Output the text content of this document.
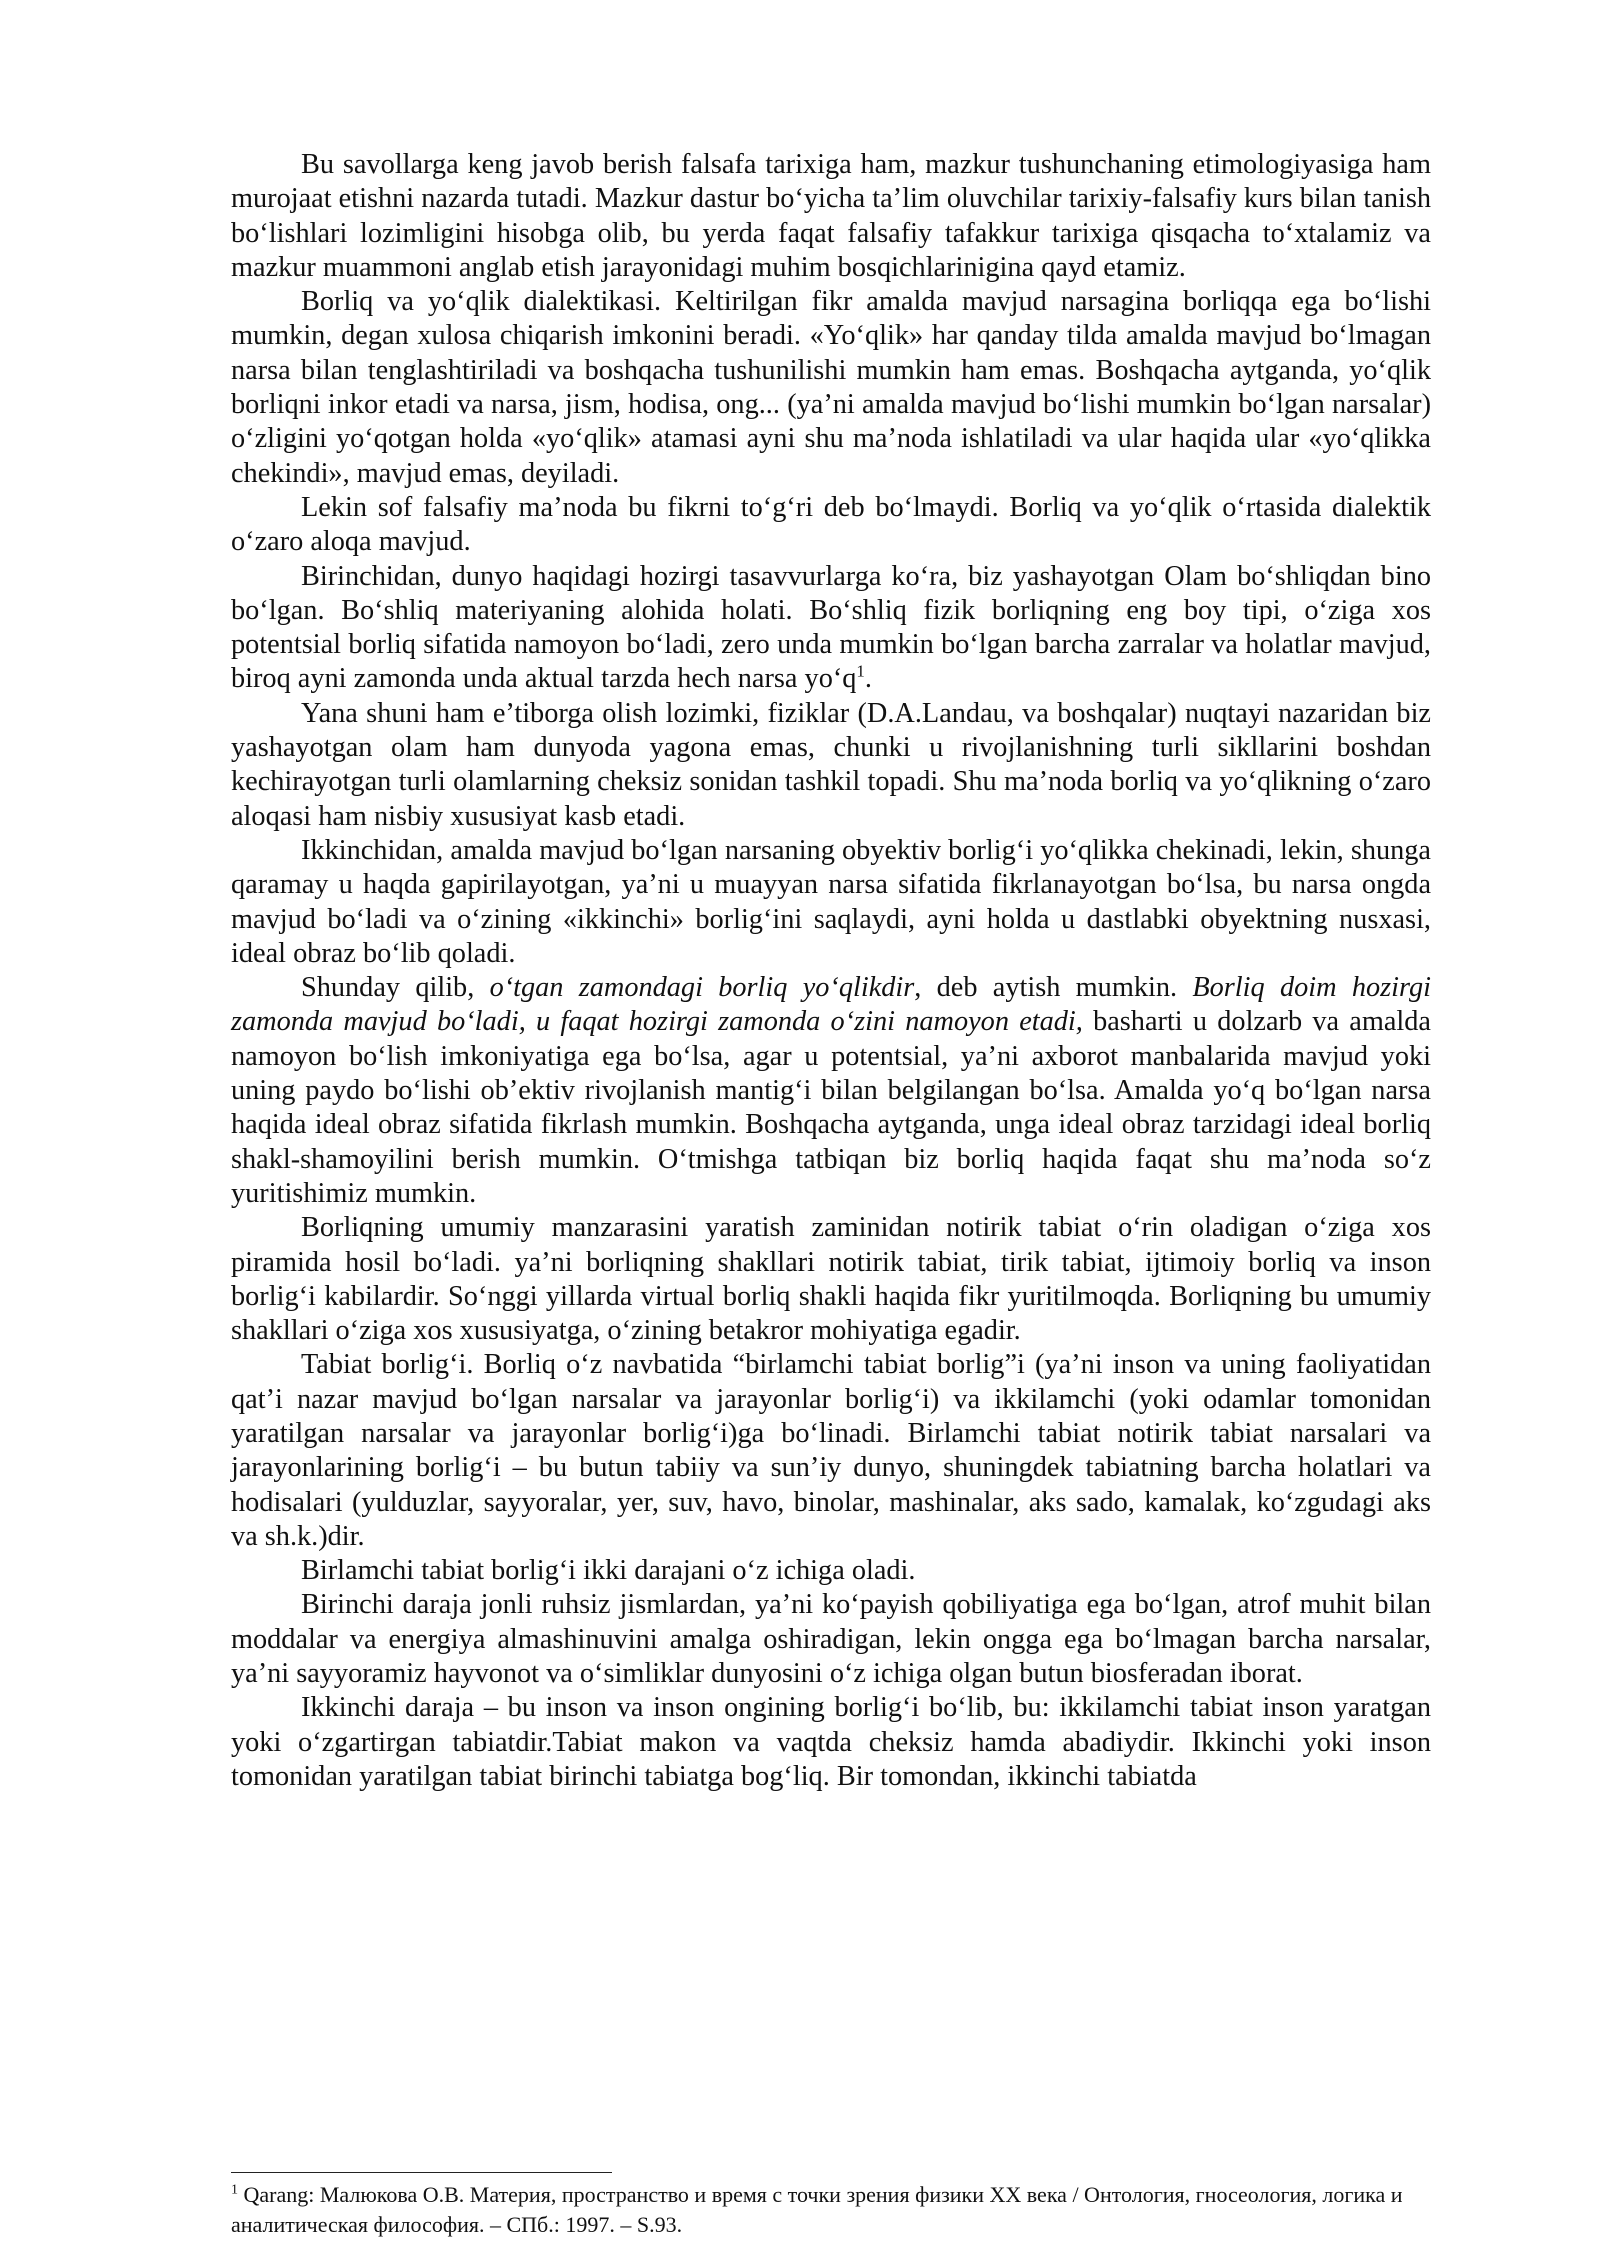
Bu savollarga keng javob berish falsafa tarixiga ham, mazkur tushunchaning etimologiyasiga ham murojaat etishni nazarda tutadi. Mazkur dastur bo‘yicha ta’lim oluvchilar tarixiy-falsafiy kurs bilan tanish bo‘lishlari lozimligini hisobga olib, bu yerda faqat falsafiy tafakkur tarixiga qisqacha to‘xtalamiz va mazkur muammoni anglab etish jarayonidagi muhim bosqichlarinigina qayd etamiz.

Borliq va yo‘qlik dialektikasi. Keltirilgan fikr amalda mavjud narsagina borliqqa ega bo‘lishi mumkin, degan xulosa chiqarish imkonini beradi. «Yo‘qlik» har qanday tilda amalda mavjud bo‘lmagan narsa bilan tenglashtiriladi va boshqacha tushunilishi mumkin ham emas. Boshqacha aytganda, yo‘qlik borliqni inkor etadi va narsa, jism, hodisa, ong... (ya’ni amalda mavjud bo‘lishi mumkin bo‘lgan narsalar) o‘zligini yo‘qotgan holda «yo‘qlik» atamasi ayni shu ma’noda ishlatiladi va ular haqida ular «yo‘qlikka chekindi», mavjud emas, deyiladi.

Lekin sof falsafiy ma’noda bu fikrni to‘g‘ri deb bo‘lmaydi. Borliq va yo‘qlik o‘rtasida dialektik o‘zaro aloqa mavjud.

Birinchidan, dunyo haqidagi hozirgi tasavvurlarga ko‘ra, biz yashayotgan Olam bo‘shliqdan bino bo‘lgan. Bo‘shliq materiyaning alohida holati. Bo‘shliq fizik borliqning eng boy tipi, o‘ziga xos potentsial borliq sifatida namoyon bo‘ladi, zero unda mumkin bo‘lgan barcha zarralar va holatlar mavjud, biroq ayni zamonda unda aktual tarzda hech narsa yo‘q$^1$.

Yana shuni ham e’tiborga olish lozimki, fiziklar (D.A.Landau, va boshqalar) nuqtayi nazaridan biz yashayotgan olam ham dunyoda yagona emas, chunki u rivojlanishning turli sikllarini boshdan kechirayotgan turli olamlarning cheksiz sonidan tashkil topadi. Shu ma’noda borliq va yo‘qlikning o‘zaro aloqasi ham nisbiy xususiyat kasb etadi.

Ikkinchidan, amalda mavjud bo‘lgan narsaning obyektiv borlig‘i yo‘qlikka chekinadi, lekin, shunga qaramay u haqda gapirilayotgan, ya’ni u muayyan narsa sifatida fikrlanayotgan bo‘lsa, bu narsa ongda mavjud bo‘ladi va o‘zining «ikkinchi» borlig‘ini saqlaydi, ayni holda u dastlabki obyektning nusxasi, ideal obraz bo‘lib qoladi.

Shunday qilib, o‘tgan zamondagi borliq yo‘qlikdir, deb aytish mumkin. Borliq doim hozirgi zamonda mavjud bo‘ladi, u faqat hozirgi zamonda o‘zini namoyon etadi, basharti u dolzarb va amalda namoyon bo‘lish imkoniyatiga ega bo‘lsa, agar u potentsial, ya’ni axborot manbalarida mavjud yoki uning paydo bo‘lishi ob’ektiv rivojlanish mantig‘i bilan belgilangan bo‘lsa. Amalda yo‘q bo‘lgan narsa haqida ideal obraz sifatida fikrlash mumkin. Boshqacha aytganda, unga ideal obraz tarzidagi ideal borliq shakl-shamoyilini berish mumkin. O‘tmishga tatbiqan biz borliq haqida faqat shu ma’noda so‘z yuritishimiz mumkin.

Borliqning umumiy manzarasini yaratish zaminidan notirik tabiat o‘rin oladigan o‘ziga xos piramida hosil bo‘ladi. ya’ni borliqning shakllari notirik tabiat, tirik tabiat, ijtimoiy borliq va inson borlig‘i kabilardir. So‘nggi yillarda virtual borliq shakli haqida fikr yuritilmoqda. Borliqning bu umumiy shakllari o‘ziga xos xususiyatga, o‘zining betakror mohiyatiga egadir.

Tabiat borlig‘i. Borliq o‘z navbatida “birlamchi tabiat borlig”i (ya’ni inson va uning faoliyatidan qat’i nazar mavjud bo‘lgan narsalar va jarayonlar borlig‘i) va ikkilamchi (yoki odamlar tomonidan yaratilgan narsalar va jarayonlar borlig‘i)ga bo‘linadi. Birlamchi tabiat notirik tabiat narsalari va jarayonlarining borlig‘i – bu butun tabiiy va sun’iy dunyo, shuningdek tabiatning barcha holatlari va hodisalari (yulduzlar, sayyoralar, yer, suv, havo, binolar, mashinalar, aks sado, kamalak, ko‘zgudagi aks va sh.k.)dir.

Birlamchi tabiat borlig‘i ikki darajani o‘z ichiga oladi.

Birinchi daraja jonli ruhsiz jismlardan, ya’ni ko‘payish qobiliyatiga ega bo‘lgan, atrof muhit bilan moddalar va energiya almashinuvini amalga oshiradigan, lekin ongga ega bo‘lmagan barcha narsalar, ya’ni sayyoramiz hayvonot va o‘simliklar dunyosini o‘z ichiga olgan butun biosferadan iborat.

Ikkinchi daraja – bu inson va inson ongining borlig‘i bo‘lib, bu: ikkilamchi tabiat inson yaratgan yoki o‘zgartirgan tabiatdir.Tabiat makon va vaqtda cheksiz hamda abadiydir. Ikkinchi yoki inson tomonidan yaratilgan tabiat birinchi tabiatga bog‘liq. Bir tomondan, ikkinchi tabiatda

$^1$ Qarang: Малюкова О.В. Материя, пространство и время с точки зрения физики ХХ века / Онтология, гносеология, логика и аналитическая философия. – СПб.: 1997. – S.93.
